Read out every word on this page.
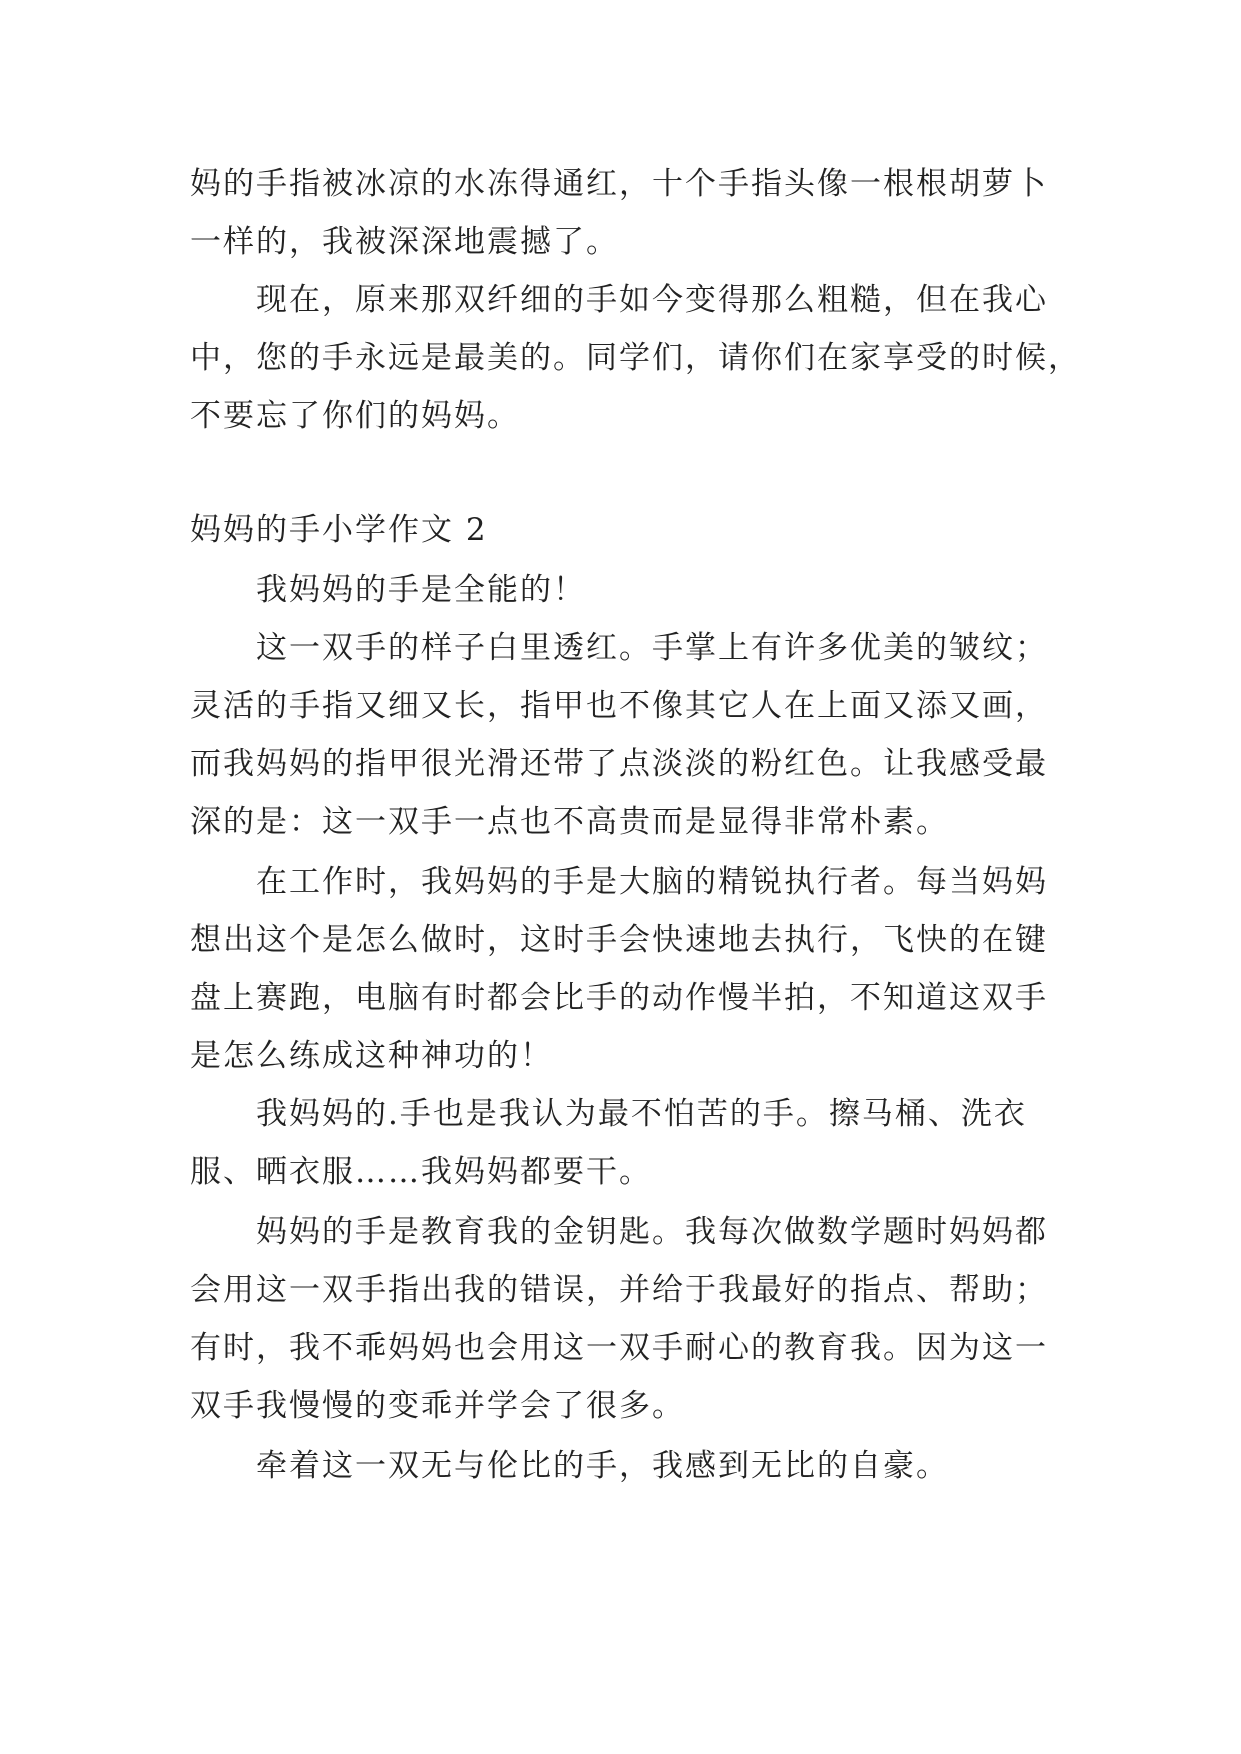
妈的手指被冰凉的水冻得通红，十个手指头像一根根胡萝卜
一样的，我被深深地震撼了。
现在，原来那双纤细的手如今变得那么粗糙，但在我心
中，您的手永远是最美的。同学们，请你们在家享受的时候，
不要忘了你们的妈妈。
妈妈的手小学作文 2
我妈妈的手是全能的！
这一双手的样子白里透红。手掌上有许多优美的皱纹；
灵活的手指又细又长，指甲也不像其它人在上面又添又画，
而我妈妈的指甲很光滑还带了点淡淡的粉红色。让我感受最
深的是：这一双手一点也不高贵而是显得非常朴素。
在工作时，我妈妈的手是大脑的精锐执行者。每当妈妈
想出这个是怎么做时，这时手会快速地去执行，飞快的在键
盘上赛跑，电脑有时都会比手的动作慢半拍，不知道这双手
是怎么练成这种神功的！
我妈妈的.手也是我认为最不怕苦的手。擦马桶、洗衣
服、晒衣服……我妈妈都要干。
妈妈的手是教育我的金钥匙。我每次做数学题时妈妈都
会用这一双手指出我的错误，并给于我最好的指点、帮助；
有时，我不乖妈妈也会用这一双手耐心的教育我。因为这一
双手我慢慢的变乖并学会了很多。
牵着这一双无与伦比的手，我感到无比的自豪。
